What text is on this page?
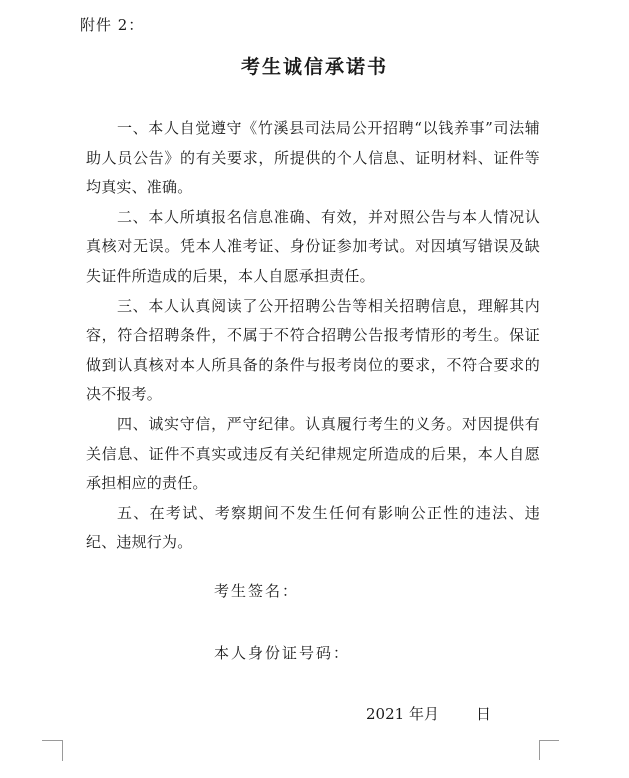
附件 2：
考生诚信承诺书

一、本人自觉遵守《竹溪县司法局公开招聘“以钱养事”司法辅助人员公告》的有关要求，所提供的个人信息、证明材料、证件等均真实、准确。

二、本人所填报名信息准确、有效，并对照公告与本人情况认真核对无误。凭本人准考证、身份证参加考试。对因填写错误及缺失证件所造成的后果，本人自愿承担责任。

三、本人认真阅读了公开招聘公告等相关招聘信息，理解其内容，符合招聘条件，不属于不符合招聘公告报考情形的考生。保证做到认真核对本人所具备的条件与报考岗位的要求，不符合要求的决不报考。

四、诚实守信，严守纪律。认真履行考生的义务。对因提供有关信息、证件不真实或违反有关纪律规定所造成的后果，本人自愿承担相应的责任。

五、在考试、考察期间不发生任何有影响公正性的违法、违纪、违规行为。

考生签名：
本人身份证号码：
2021 年 月	日
